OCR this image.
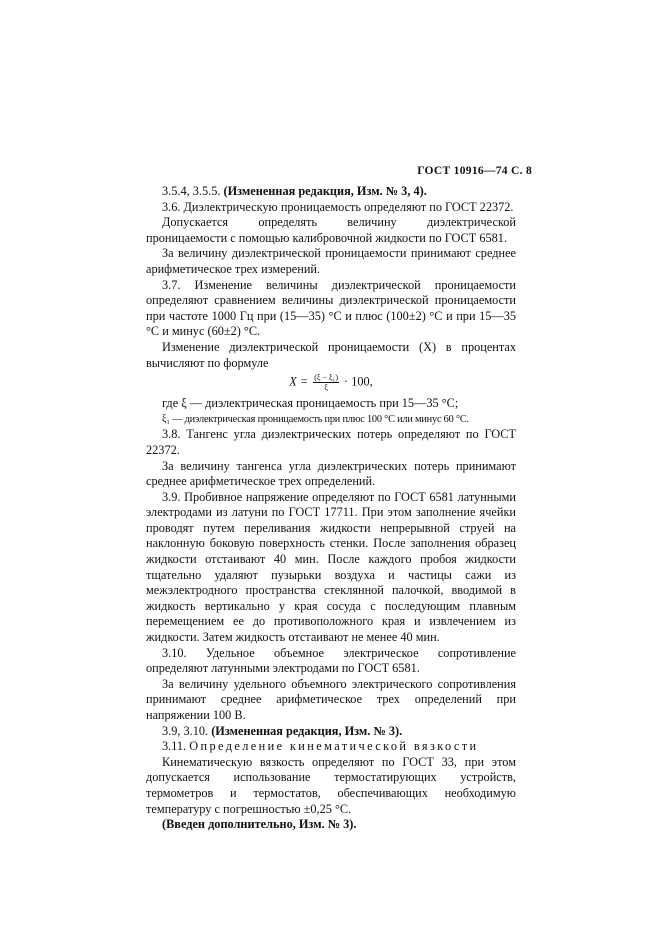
ГОСТ 10916—74 С. 8

3.5.4, 3.5.5. (Измененная редакция, Изм. № 3, 4).

3.6. Диэлектрическую проницаемость определяют по ГОСТ 22372.

Допускается определять величину диэлектрической проницаемости с помощью калибровочной жидкости по ГОСТ 6581.

За величину диэлектрической проницаемости принимают среднее арифметическое трех измерений.

3.7. Изменение величины диэлектрической проницаемости определяют сравнением величины диэлектрической проницаемости при частоте 1000 Гц при (15—35) °С и плюс (100±2) °С и при 15—35 °С и минус (60±2) °С.

Изменение диэлектрической проницаемости (X) в процентах вычисляют по формуле

$X = \frac{\text{(ξ − ξ₁)}}{\xi} \cdot 100$,

где ξ — диэлектрическая проницаемость при 15—35 °С;

ξ₁ — диэлектрическая проницаемость при плюс 100 °С или минус 60 °С.

3.8. Тангенс угла диэлектрических потерь определяют по ГОСТ 22372.

За величину тангенса угла диэлектрических потерь принимают среднее арифметическое трех определений.

3.9. Пробивное напряжение определяют по ГОСТ 6581 латунными электродами из латуни по ГОСТ 17711. При этом заполнение ячейки проводят путем переливания жидкости непрерывной струей на наклонную боковую поверхность стенки. После заполнения образец жидкости отстаивают 40 мин. После каждого пробоя жидкости тщательно удаляют пузырьки воздуха и частицы сажи из межэлектродного пространства стеклянной палочкой, вводимой в жидкость вертикально у края сосуда с последующим плавным перемещением ее до противоположного края и извлечением из жидкости. Затем жидкость отстаивают не менее 40 мин.

3.10. Удельное объемное электрическое сопротивление определяют латунными электродами по ГОСТ 6581.

За величину удельного объемного электрического сопротивления принимают среднее арифметическое трех определений при напряжении 100 В.

3.9, 3.10. (Измененная редакция, Изм. № 3).

3.11. Определение кинематической вязкости

Кинематическую вязкость определяют по ГОСТ 33, при этом допускается использование термостатирующих устройств, термометров и термостатов, обеспечивающих необходимую температуру с погрешностью ±0,25 °С.

(Введен дополнительно, Изм. № 3).
